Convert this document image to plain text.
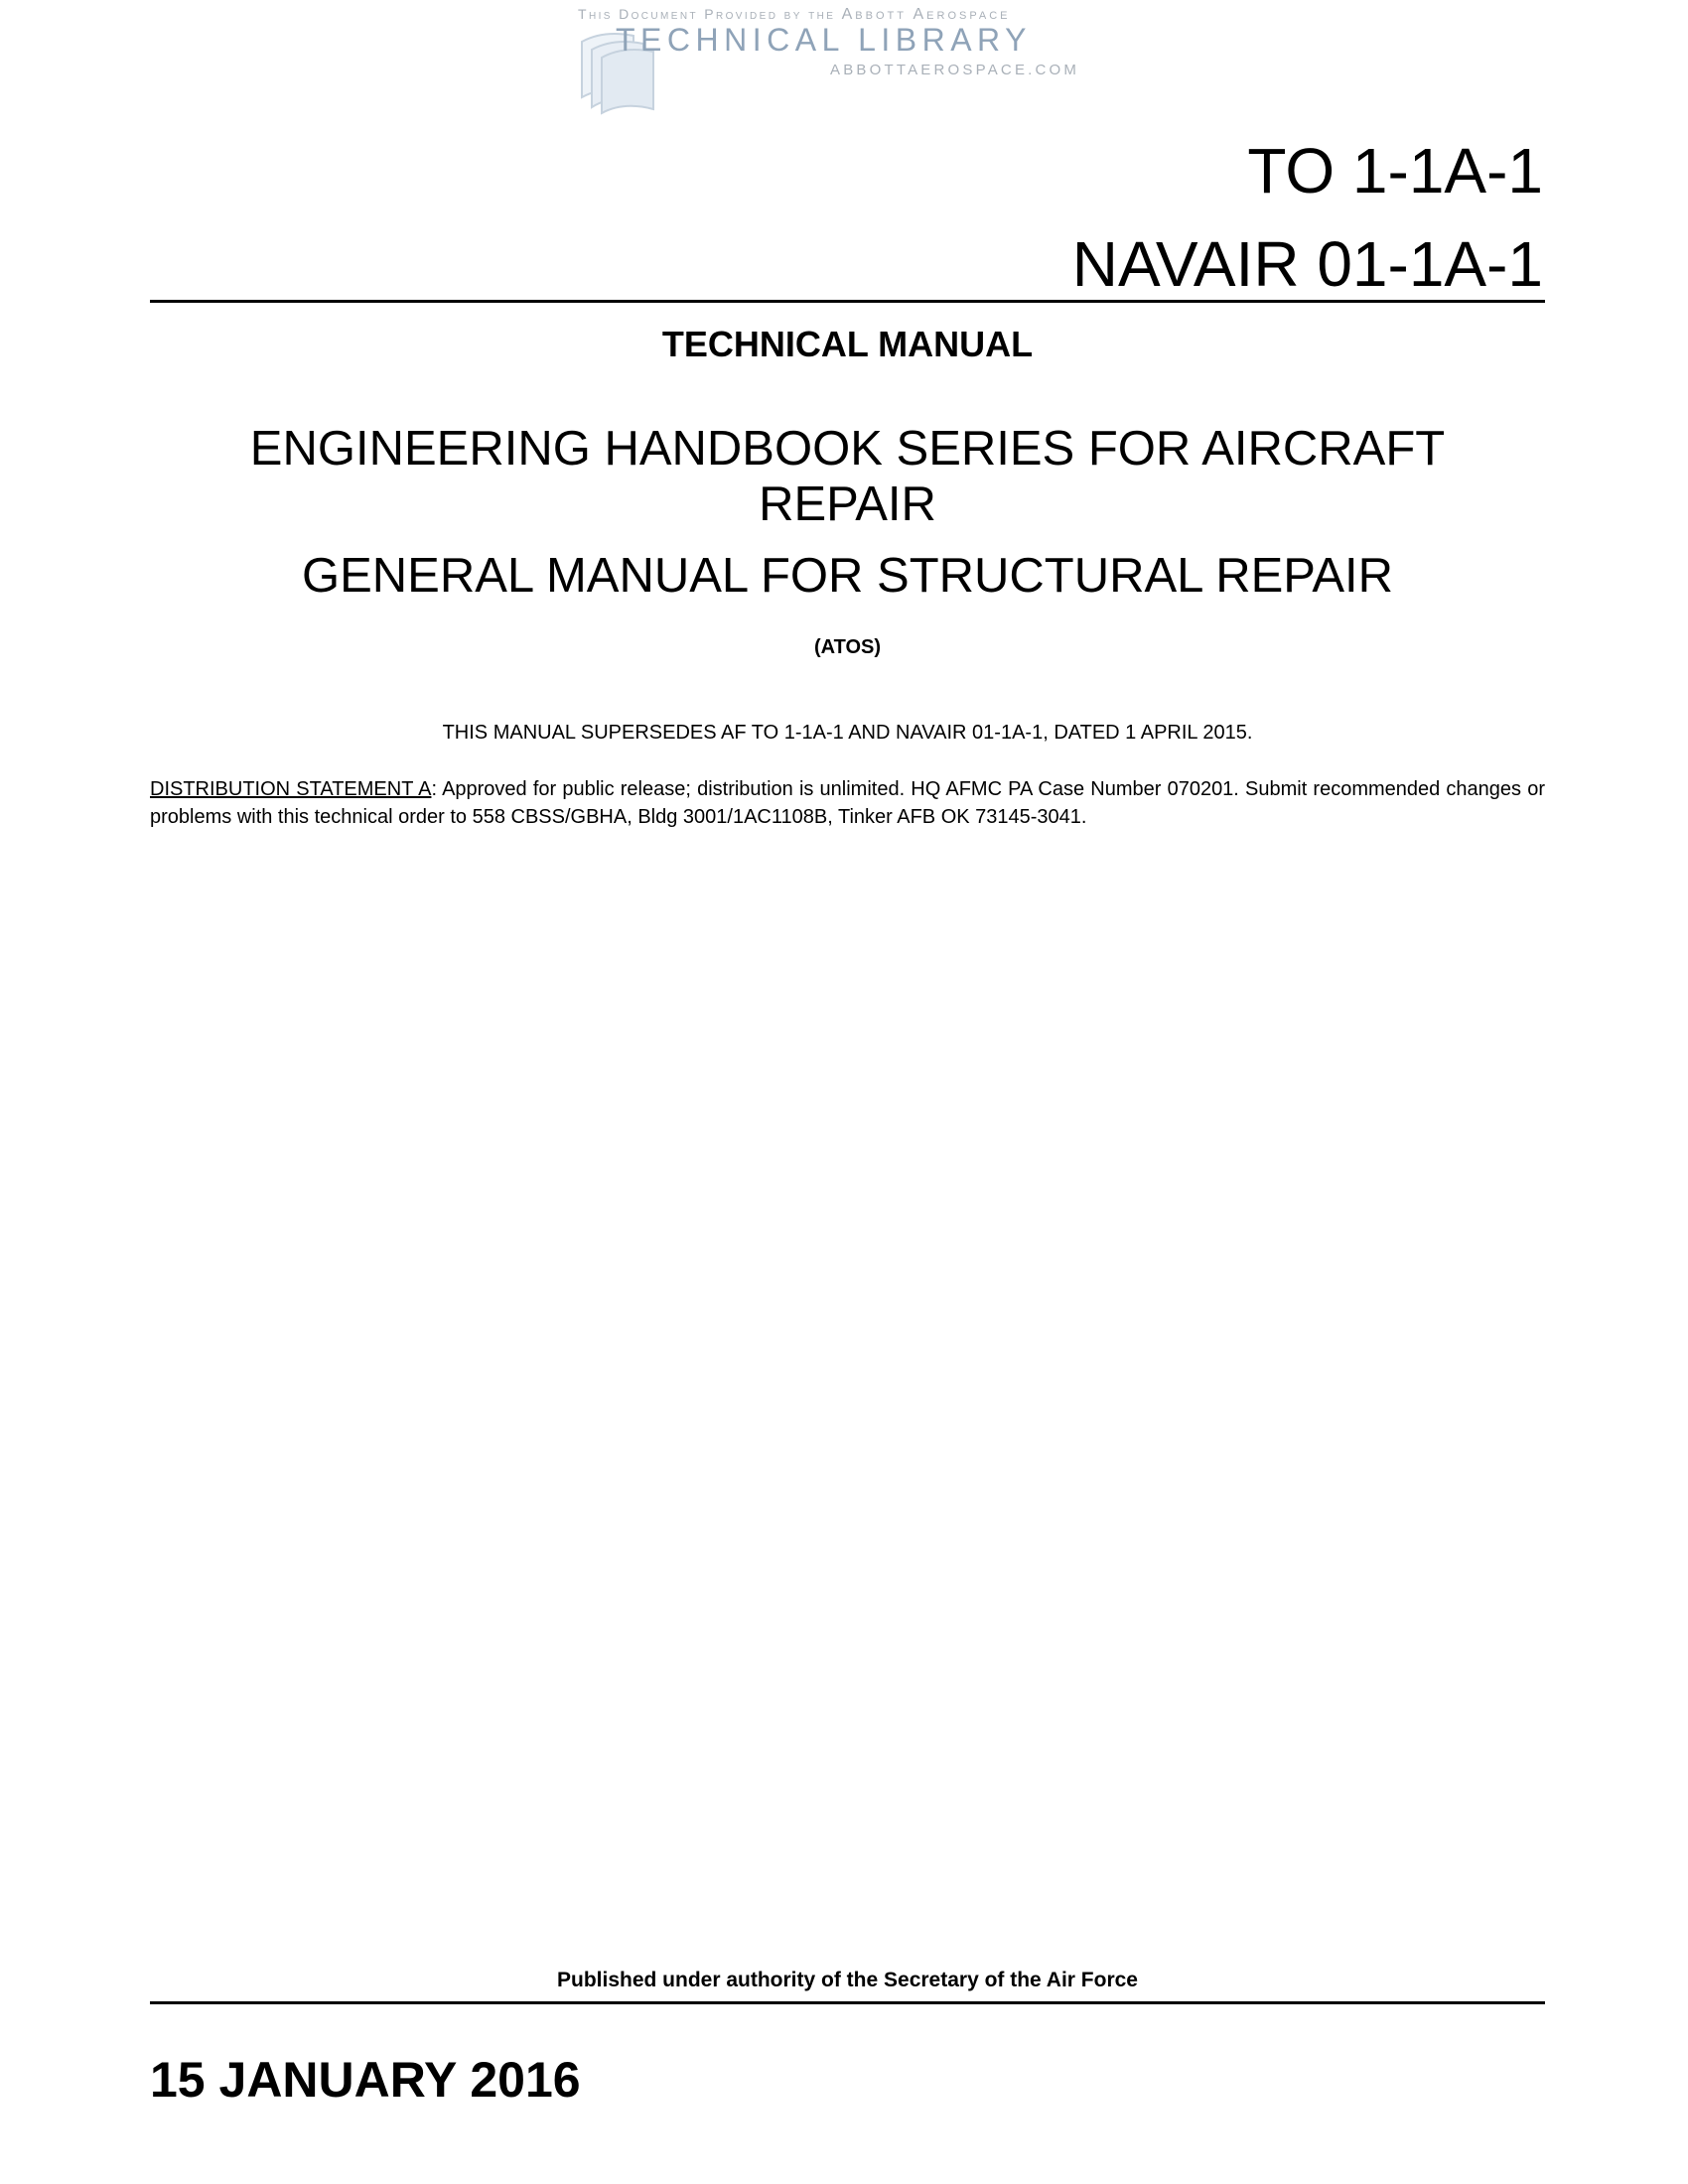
This Document Provided by the Abbott Aerospace
TECHNICAL LIBRARY
ABBOTTAEROSPACE.COM
TO 1-1A-1
NAVAIR 01-1A-1
TECHNICAL MANUAL
ENGINEERING HANDBOOK SERIES FOR AIRCRAFT REPAIR
GENERAL MANUAL FOR STRUCTURAL REPAIR
(ATOS)
THIS MANUAL SUPERSEDES AF TO 1-1A-1 AND NAVAIR 01-1A-1, DATED 1 APRIL 2015.
DISTRIBUTION STATEMENT A: Approved for public release; distribution is unlimited. HQ AFMC PA Case Number 070201. Submit recommended changes or problems with this technical order to 558 CBSS/GBHA, Bldg 3001/1AC1108B, Tinker AFB OK 73145-3041.
Published under authority of the Secretary of the Air Force
15 JANUARY 2016
